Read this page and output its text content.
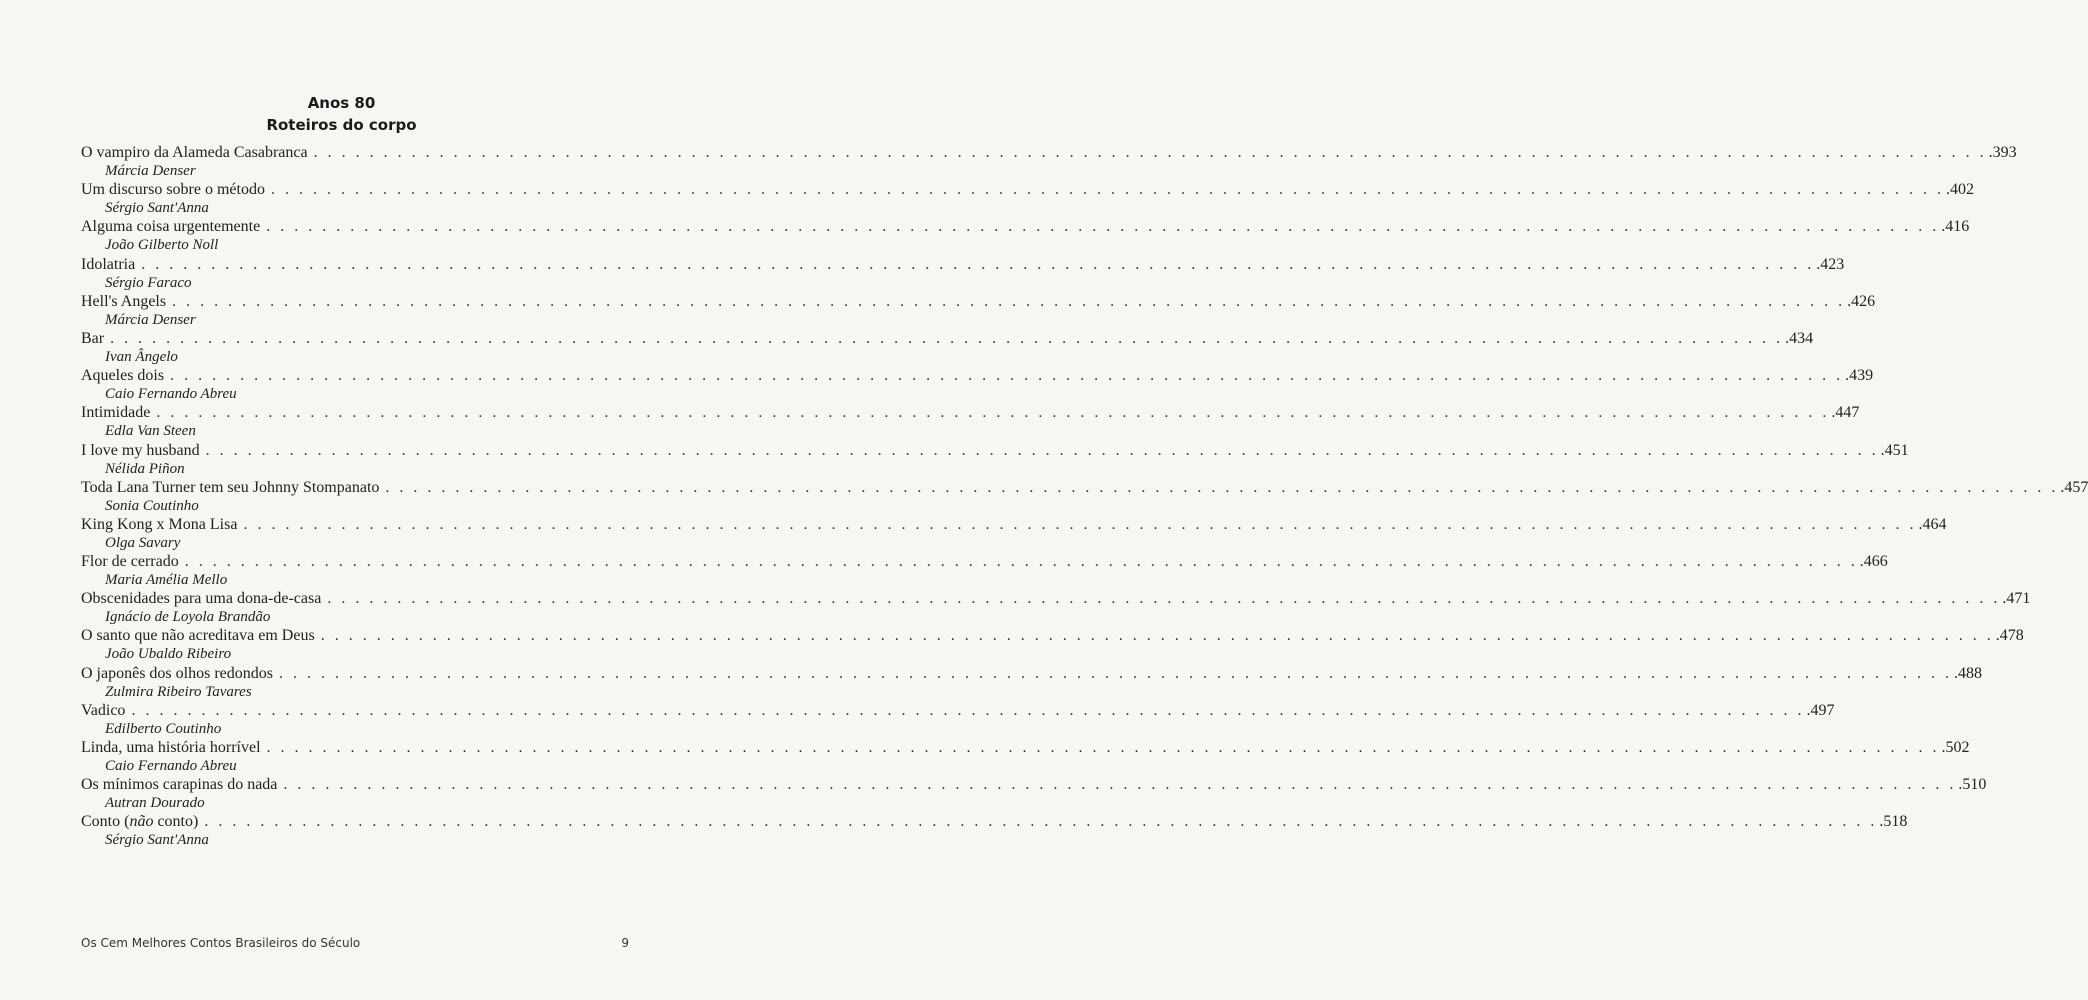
Anos 80
Roteiros do corpo
O vampiro da Alameda Casabranca . . . . . . . . . . . . . . . . . . . . . . . . . . . . . . . . . . . . . . . . . . . . . . . . . . . . . . . . . . . . . . . . . . . . . . . . . . . . . . . . . . . . . . . . . . . . . . . . . . . . . . . . . . . . . . . . . . . . . . . . .393
Márcia Denser
Um discurso sobre o método . . . . . . . . . . . . . . . . . . . . . . . . . . . . . . . . . . . . . . . . . . . . . . . . . . . . . . . . . . . . . . . . . . . . . . . . . . . . . . . . . . . . . . . . . . . . . . . . . . . . . . . . . . . . . . . . . . . . . . . . .402
Sérgio Sant'Anna
Alguma coisa urgentemente . . . . . . . . . . . . . . . . . . . . . . . . . . . . . . . . . . . . . . . . . . . . . . . . . . . . . . . . . . . . . . . . . . . . . . . . . . . . . . . . . . . . . . . . . . . . . . . . . . . . . . . . . . . . . . . . . . . . . . . . .416
João Gilberto Noll
Idolatria . . . . . . . . . . . . . . . . . . . . . . . . . . . . . . . . . . . . . . . . . . . . . . . . . . . . . . . . . . . . . . . . . . . . . . . . . . . . . . . . . . . . . . . . . . . . . . . . . . . . . . . . . . . . . . . . . . . . . . . . .423
Sérgio Faraco
Hell's Angels . . . . . . . . . . . . . . . . . . . . . . . . . . . . . . . . . . . . . . . . . . . . . . . . . . . . . . . . . . . . . . . . . . . . . . . . . . . . . . . . . . . . . . . . . . . . . . . . . . . . . . . . . . . . . . . . . . . . . . . . .426
Márcia Denser
Bar . . . . . . . . . . . . . . . . . . . . . . . . . . . . . . . . . . . . . . . . . . . . . . . . . . . . . . . . . . . . . . . . . . . . . . . . . . . . . . . . . . . . . . . . . . . . . . . . . . . . . . . . . . . . . . . . . . . . . . . . .434
Ivan Ângelo
Aqueles dois . . . . . . . . . . . . . . . . . . . . . . . . . . . . . . . . . . . . . . . . . . . . . . . . . . . . . . . . . . . . . . . . . . . . . . . . . . . . . . . . . . . . . . . . . . . . . . . . . . . . . . . . . . . . . . . . . . . . . . . . .439
Caio Fernando Abreu
Intimidade . . . . . . . . . . . . . . . . . . . . . . . . . . . . . . . . . . . . . . . . . . . . . . . . . . . . . . . . . . . . . . . . . . . . . . . . . . . . . . . . . . . . . . . . . . . . . . . . . . . . . . . . . . . . . . . . . . . . . . . . .447
Edla Van Steen
I love my husband . . . . . . . . . . . . . . . . . . . . . . . . . . . . . . . . . . . . . . . . . . . . . . . . . . . . . . . . . . . . . . . . . . . . . . . . . . . . . . . . . . . . . . . . . . . . . . . . . . . . . . . . . . . . . . . . . . . . . . . . .451
Nélida Piñon
Toda Lana Turner tem seu Johnny Stompanato . . . . . . . . . . . . . . . . . . . . . . . . . . . . . . . . . . . . . . . . . . . . . . . . . . . . . . . . . . . . . . . . . . . . . . . . . . . . . . . . . . . . . . . . . . . . . . . . . . . . . . . . . . . . . . . . . . . . . . . . .457
Sonia Coutinho
King Kong x Mona Lisa . . . . . . . . . . . . . . . . . . . . . . . . . . . . . . . . . . . . . . . . . . . . . . . . . . . . . . . . . . . . . . . . . . . . . . . . . . . . . . . . . . . . . . . . . . . . . . . . . . . . . . . . . . . . . . . . . . . . . . . . .464
Olga Savary
Flor de cerrado . . . . . . . . . . . . . . . . . . . . . . . . . . . . . . . . . . . . . . . . . . . . . . . . . . . . . . . . . . . . . . . . . . . . . . . . . . . . . . . . . . . . . . . . . . . . . . . . . . . . . . . . . . . . . . . . . . . . . . . . .466
Maria Amélia Mello
Obscenidades para uma dona-de-casa . . . . . . . . . . . . . . . . . . . . . . . . . . . . . . . . . . . . . . . . . . . . . . . . . . . . . . . . . . . . . . . . . . . . . . . . . . . . . . . . . . . . . . . . . . . . . . . . . . . . . . . . . . . . . . . . . . . . . . . . .471
Ignácio de Loyola Brandão
O santo que não acreditava em Deus . . . . . . . . . . . . . . . . . . . . . . . . . . . . . . . . . . . . . . . . . . . . . . . . . . . . . . . . . . . . . . . . . . . . . . . . . . . . . . . . . . . . . . . . . . . . . . . . . . . . . . . . . . . . . . . . . . . . . . . . .478
João Ubaldo Ribeiro
O japonês dos olhos redondos . . . . . . . . . . . . . . . . . . . . . . . . . . . . . . . . . . . . . . . . . . . . . . . . . . . . . . . . . . . . . . . . . . . . . . . . . . . . . . . . . . . . . . . . . . . . . . . . . . . . . . . . . . . . . . . . . . . . . . . . .488
Zulmira Ribeiro Tavares
Vadico . . . . . . . . . . . . . . . . . . . . . . . . . . . . . . . . . . . . . . . . . . . . . . . . . . . . . . . . . . . . . . . . . . . . . . . . . . . . . . . . . . . . . . . . . . . . . . . . . . . . . . . . . . . . . . . . . . . . . . . . .497
Edilberto Coutinho
Linda, uma história horrível . . . . . . . . . . . . . . . . . . . . . . . . . . . . . . . . . . . . . . . . . . . . . . . . . . . . . . . . . . . . . . . . . . . . . . . . . . . . . . . . . . . . . . . . . . . . . . . . . . . . . . . . . . . . . . . . . . . . . . . . .502
Caio Fernando Abreu
Os mínimos carapinas do nada . . . . . . . . . . . . . . . . . . . . . . . . . . . . . . . . . . . . . . . . . . . . . . . . . . . . . . . . . . . . . . . . . . . . . . . . . . . . . . . . . . . . . . . . . . . . . . . . . . . . . . . . . . . . . . . . . . . . . . . . .510
Autran Dourado
Conto (não conto) . . . . . . . . . . . . . . . . . . . . . . . . . . . . . . . . . . . . . . . . . . . . . . . . . . . . . . . . . . . . . . . . . . . . . . . . . . . . . . . . . . . . . . . . . . . . . . . . . . . . . . . . . . . . . . . . . . . . . . . . .518
Sérgio Sant'Anna
Os Cem Melhores Contos Brasileiros do Século	9
